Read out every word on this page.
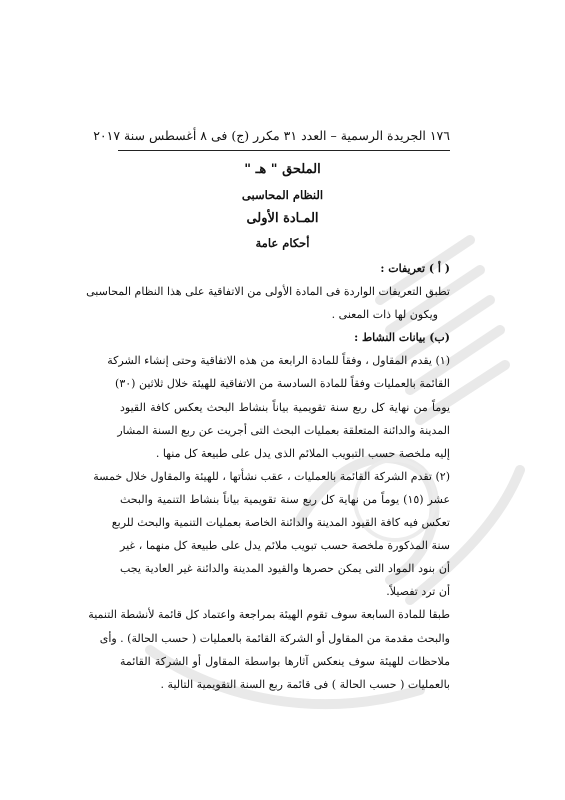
١٧٦ الجريدة الرسمية – العدد ٣١ مكرر (ج) فى ٨ أغسطس سنة ٢٠١٧
الملحق " هـ "
النظام المحاسبى
المـادة الأولى
أحكام عامة
( أ ) تعريفات :
تطبق التعريفات الواردة فى المادة الأولى من الاتفاقية على هذا النظام المحاسبى
ويكون لها ذات المعنى .
(ب) بيانات النشاط :
(١) يقدم المقاول ، وفقاً للمادة الرابعة من هذه الاتفاقية وحتى إنشاء الشركة
القائمة بالعمليات وفقاً للمادة السادسة من الاتفاقية للهيئة خلال ثلاثين (٣٠)
يوماً من نهاية كل ربع سنة تقويمية بياناً بنشاط البحث يعكس كافة القيود
المدينة والدائنة المتعلقة بعمليات البحث التى أجريت عن ربع السنة المشار
إليه ملخصة حسب التبويب الملائم الذى يدل على طبيعة كل منها .
(٢) تقدم الشركة القائمة بالعمليات ، عقب نشأتها ، للهيئة والمقاول خلال خمسة
عشر (١٥) يوماً من نهاية كل ربع سنة تقويمية بياناً بنشاط التنمية والبحث
تعكس فيه كافة القيود المدينة والدائنة الخاصة بعمليات التنمية والبحث للربع
سنة المذكورة ملخصة حسب تبويب ملائم يدل على طبيعة كل منهما ، غير
أن بنود المواد التى يمكن حصرها والقيود المدينة والدائنة غير العادية يجب
أن ترد تفصيلاً.
طبقا للمادة السابعة سوف تقوم الهيئة بمراجعة واعتماد كل قائمة لأنشطة التنمية
والبحث مقدمة من المقاول أو الشركة القائمة بالعمليات ( حسب الحالة) . وأى
ملاحظات للهيئة سوف ينعكس آثارها بواسطة المقاول أو الشركة القائمة
بالعمليات ( حسب الحالة ) فى قائمة ربع السنة التقويمية التالية .
